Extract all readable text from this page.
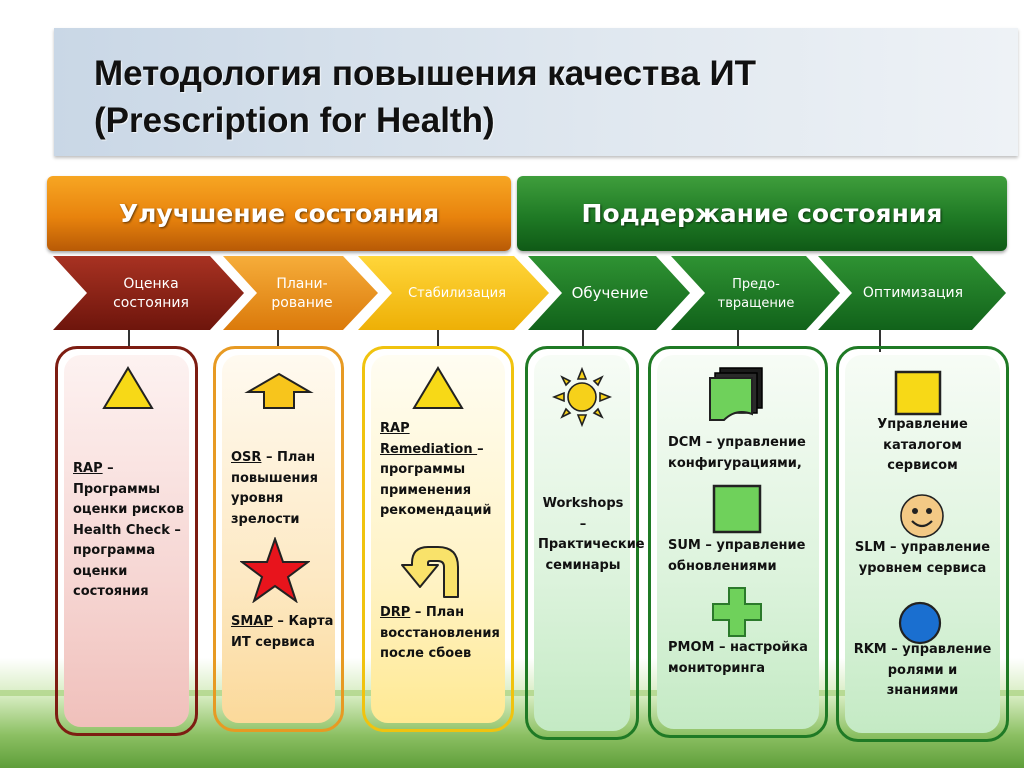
Методология повышения качества ИТ
(Prescription for Health)
Улучшение состояния	Поддержание состояния
Оценка
состояния
Плани-
рование
Стабилизация	Обучение	Предо-
твращение
Оптимизация
RAP – Программы оценки рисков
Health Check – программа оценки состояния
OSR – План повышения уровня зрелости
SMAP – Карта ИТ сервиса
RAP Remediation – программы применения рекомендаций
DRP – План восстановления после сбоев
Workshops – Практические семинары
DCM – управление конфигурациями,
SUM – управление обновлениями
PMOM – настройка мониторинга
Управление каталогом сервисом
SLM – управление уровнем сервиса
RKM – управление ролями и знаниями
